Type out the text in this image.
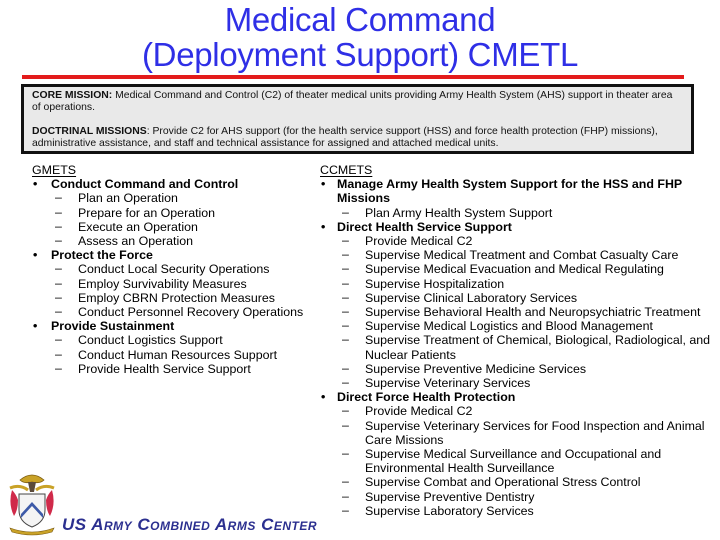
Medical Command
(Deployment Support) CMETL

CORE MISSION: Medical Command and Control (C2) of theater medical units providing Army Health System (AHS) support in theater area of operations.

DOCTRINAL MISSIONS: Provide C2 for AHS support (for the health service support (HSS) and force health protection (FHP) missions), administrative assistance, and staff and technical assistance for assigned and attached medical units.

GMETS
• Conduct Command and Control
– Plan an Operation
– Prepare for an Operation
– Execute an Operation
– Assess an Operation
• Protect the Force
– Conduct Local Security Operations
– Employ Survivability Measures
– Employ CBRN Protection Measures
– Conduct Personnel Recovery Operations
• Provide Sustainment
– Conduct Logistics Support
– Conduct Human Resources Support
– Provide Health Service Support
CCMETS
• Manage Army Health System Support for the HSS and FHP Missions
– Plan Army Health System Support
• Direct Health Service Support
– Provide Medical C2
– Supervise Medical Treatment and Combat Casualty Care
– Supervise Medical Evacuation and Medical Regulating
– Supervise Hospitalization
– Supervise Clinical Laboratory Services
– Supervise Behavioral Health and Neuropsychiatric Treatment
– Supervise Medical Logistics and Blood Management
– Supervise Treatment of Chemical, Biological, Radiological, and Nuclear Patients
– Supervise Preventive Medicine Services
– Supervise Veterinary Services
• Direct Force Health Protection
– Provide Medical C2
– Supervise Veterinary Services for Food Inspection and Animal Care Missions
– Supervise Medical Surveillance and Occupational and Environmental Health Surveillance
– Supervise Combat and Operational Stress Control
– Supervise Preventive Dentistry
– Supervise Laboratory Services
US Army Combined Arms Center
